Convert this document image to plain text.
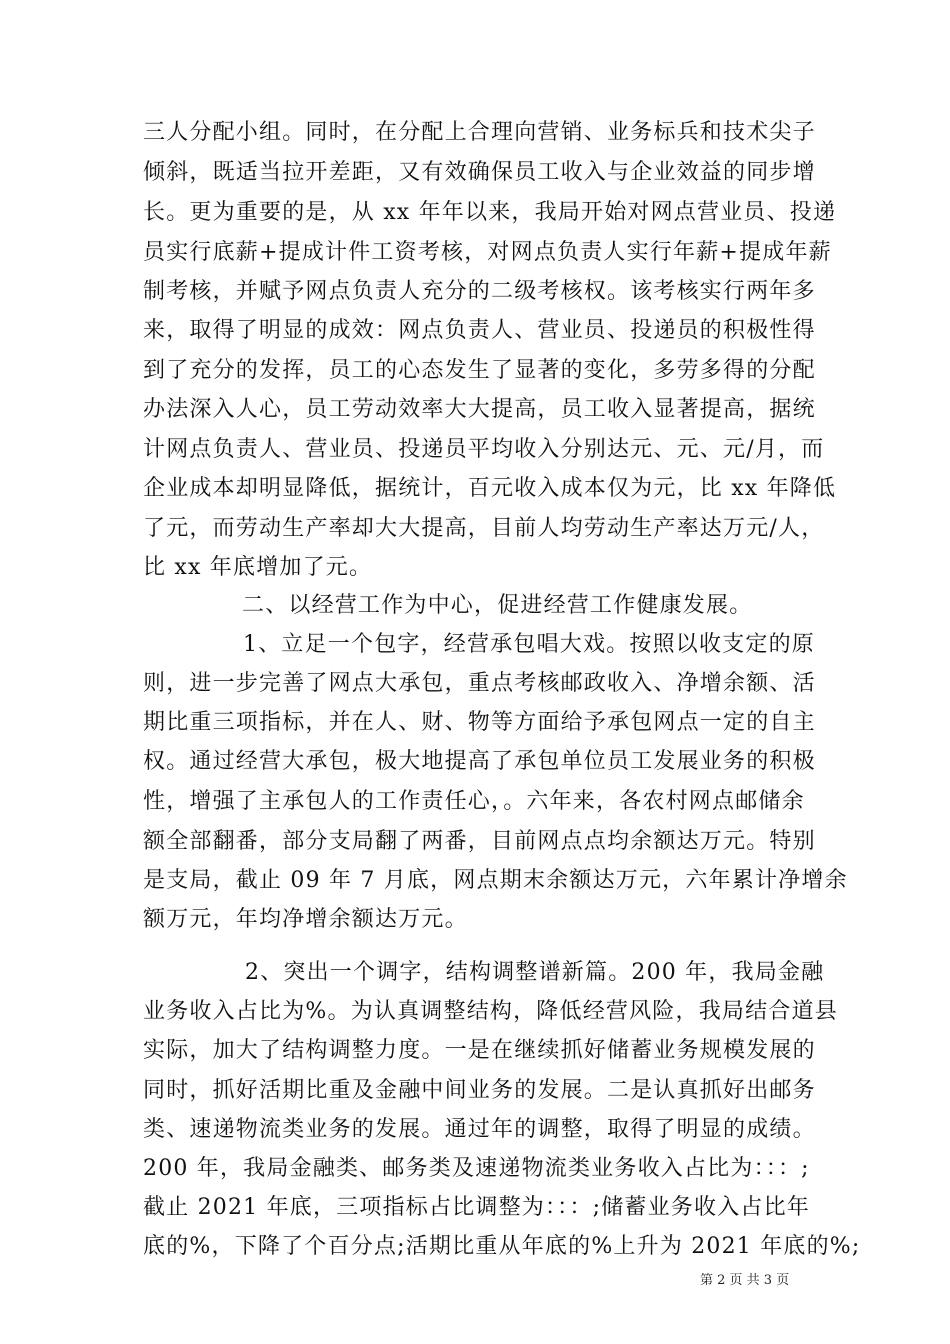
三人分配小组。同时，在分配上合理向营销、业务标兵和技术尖子
倾斜，既适当拉开差距，又有效确保员工收入与企业效益的同步增
长。更为重要的是，从 xx 年年以来，我局开始对网点营业员、投递
员实行底薪+提成计件工资考核，对网点负责人实行年薪+提成年薪
制考核，并赋予网点负责人充分的二级考核权。该考核实行两年多
来，取得了明显的成效：网点负责人、营业员、投递员的积极性得
到了充分的发挥，员工的心态发生了显著的变化，多劳多得的分配
办法深入人心，员工劳动效率大大提高，员工收入显著提高，据统
计网点负责人、营业员、投递员平均收入分别达元、元、元/月，而
企业成本却明显降低，据统计，百元收入成本仅为元，比 xx 年降低
了元，而劳动生产率却大大提高，目前人均劳动生产率达万元/人，
比 xx 年底增加了元。
二、以经营工作为中心，促进经营工作健康发展。
1、立足一个包字，经营承包唱大戏。按照以收支定的原
则，进一步完善了网点大承包，重点考核邮政收入、净增余额、活
期比重三项指标，并在人、财、物等方面给予承包网点一定的自主
权。通过经营大承包，极大地提高了承包单位员工发展业务的积极
性，增强了主承包人的工作责任心，。六年来，各农村网点邮储余
额全部翻番，部分支局翻了两番，目前网点点均余额达万元。特别
是支局，截止 09 年 7 月底，网点期末余额达万元，六年累计净增余
额万元，年均净增余额达万元。
2、突出一个调字，结构调整谱新篇。200 年，我局金融
业务收入占比为%。为认真调整结构，降低经营风险，我局结合道县
实际，加大了结构调整力度。一是在继续抓好储蓄业务规模发展的
同时，抓好活期比重及金融中间业务的发展。二是认真抓好出邮务
类、速递物流类业务的发展。通过年的调整，取得了明显的成绩。
200 年，我局金融类、邮务类及速递物流类业务收入占比为：：：;
截止 2021 年底，三项指标占比调整为：：：;储蓄业务收入占比年
底的%，下降了个百分点;活期比重从年底的%上升为 2021 年底的%;
第 2 页 共 3 页
